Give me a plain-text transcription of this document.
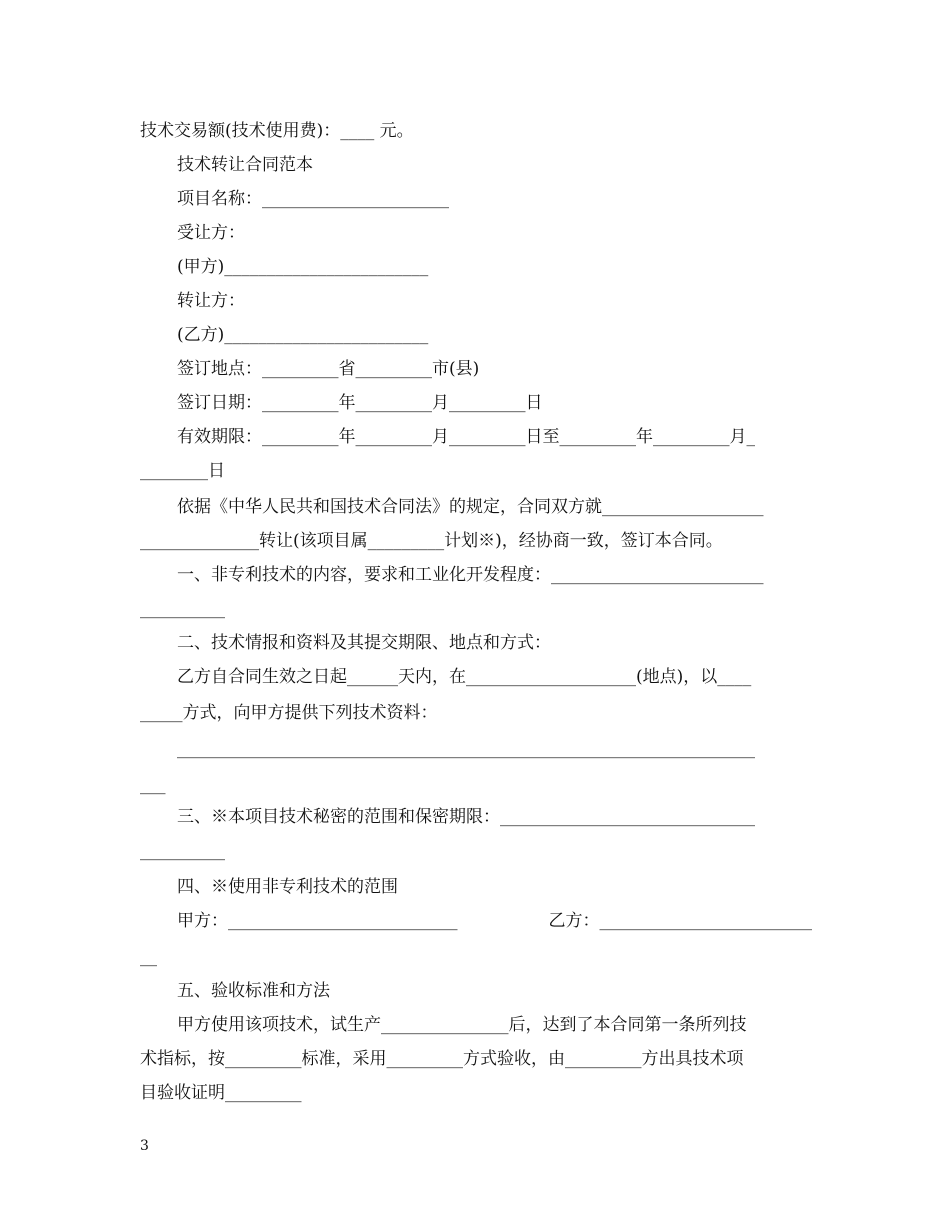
技术交易额(技术使用费)：____ 元。
技术转让合同范本
项目名称：______________________
受让方：
(甲方)________________________
转让方：
(乙方)________________________
签订地点：_________省_________市(县)
签订日期：_________年_________月_________日
有效期限：_________年_________月_________日至_________年_________月_
________日
依据《中华人民共和国技术合同法》的规定，合同双方就___________________
______________转让(该项目属_________计划※)，经协商一致，签订本合同。
一、非专利技术的内容，要求和工业化开发程度：_________________________
__________
二、技术情报和资料及其提交期限、地点和方式：
乙方自合同生效之日起______天内，在____________________(地点)，以____
_____方式，向甲方提供下列技术资料：
____________________________________________________________________
___
三、※本项目技术秘密的范围和保密期限：______________________________
__________
四、※使用非专利技术的范围
甲方：___________________________	乙方：_________________________
__
五、验收标准和方法
甲方使用该项技术，试生产_______________后，达到了本合同第一条所列技
术指标，按_________标准，采用_________方式验收，由_________方出具技术项
目验收证明_________
3
